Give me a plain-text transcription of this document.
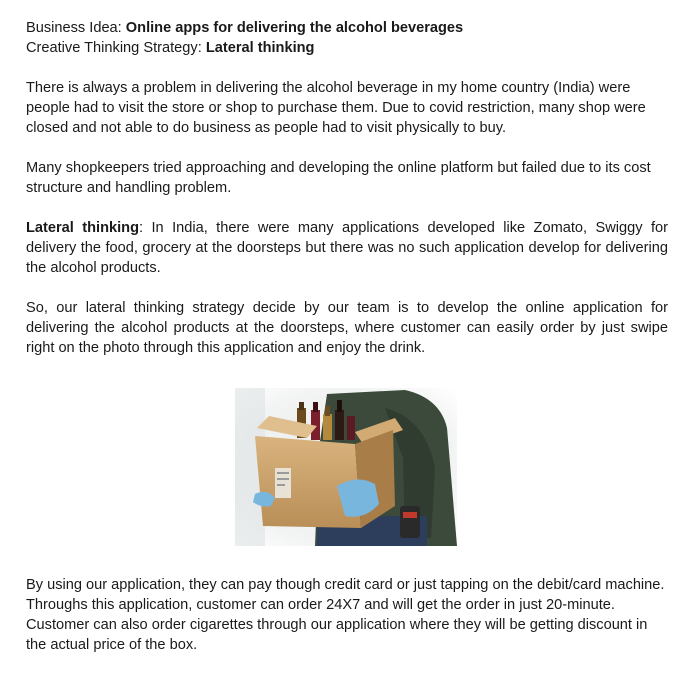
Business Idea: Online apps for delivering the alcohol beverages

Creative Thinking Strategy: Lateral thinking

There is always a problem in delivering the alcohol beverage in my home country (India) were people had to visit the store or shop to purchase them. Due to covid restriction, many shop were closed and not able to do business as people had to visit physically to buy.

Many shopkeepers tried approaching and developing the online platform but failed due to its cost structure and handling problem.

Lateral thinking: In India, there were many applications developed like Zomato, Swiggy for delivery the food, grocery at the doorsteps but there was no such application develop for delivering the alcohol products.

So, our lateral thinking strategy decide by our team is to develop the online application for delivering the alcohol products at the doorsteps, where customer can easily order by just swipe right on the photo through this application and enjoy the drink.

By using our application, they can pay though credit card or just tapping on the debit/card machine. Throughs this application, customer can order 24X7 and will get the order in just 20-minute. Customer can also order cigarettes through our application where they will be getting discount in the actual price of the box.
